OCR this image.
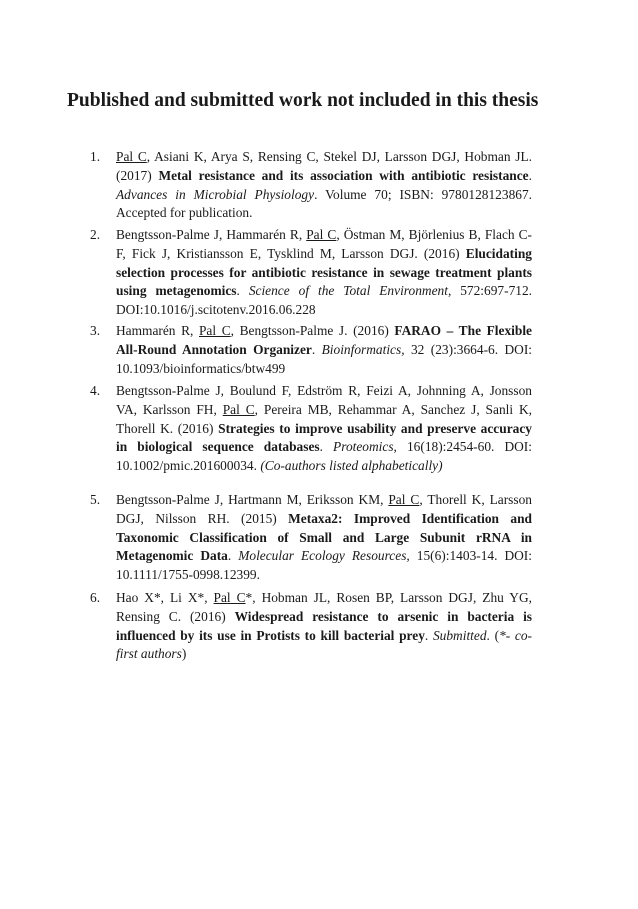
Published and submitted work not included in this thesis
1. Pal C, Asiani K, Arya S, Rensing C, Stekel DJ, Larsson DGJ, Hobman JL. (2017) Metal resistance and its association with antibiotic resistance. Advances in Microbial Physiology. Volume 70; ISBN: 9780128123867. Accepted for publication.
2. Bengtsson-Palme J, Hammarén R, Pal C, Östman M, Björlenius B, Flach C-F, Fick J, Kristiansson E, Tysklind M, Larsson DGJ. (2016) Elucidating selection processes for antibiotic resistance in sewage treatment plants using metagenomics. Science of the Total Environment, 572:697-712. DOI:10.1016/j.scitotenv.2016.06.228
3. Hammarén R, Pal C, Bengtsson-Palme J. (2016) FARAO – The Flexible All-Round Annotation Organizer. Bioinformatics, 32 (23):3664-6. DOI: 10.1093/bioinformatics/btw499
4. Bengtsson-Palme J, Boulund F, Edström R, Feizi A, Johnning A, Jonsson VA, Karlsson FH, Pal C, Pereira MB, Rehammar A, Sanchez J, Sanli K, Thorell K. (2016) Strategies to improve usability and preserve accuracy in biological sequence databases. Proteomics, 16(18):2454-60. DOI: 10.1002/pmic.201600034. (Co-authors listed alphabetically)
5. Bengtsson-Palme J, Hartmann M, Eriksson KM, Pal C, Thorell K, Larsson DGJ, Nilsson RH. (2015) Metaxa2: Improved Identification and Taxonomic Classification of Small and Large Subunit rRNA in Metagenomic Data. Molecular Ecology Resources, 15(6):1403-14. DOI: 10.1111/1755-0998.12399.
6. Hao X*, Li X*, Pal C*, Hobman JL, Rosen BP, Larsson DGJ, Zhu YG, Rensing C. (2016) Widespread resistance to arsenic in bacteria is influenced by its use in Protists to kill bacterial prey. Submitted. (*- co-first authors)
